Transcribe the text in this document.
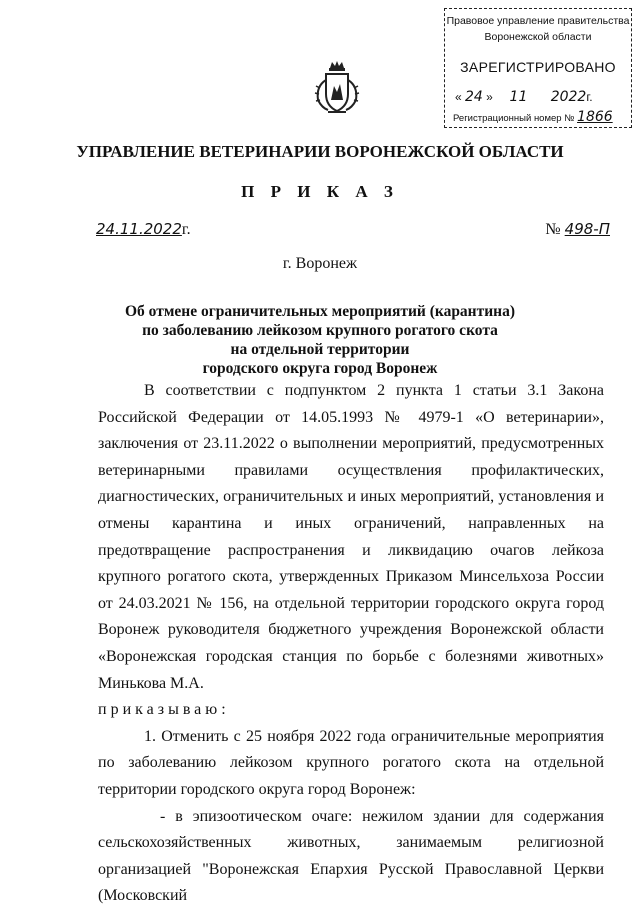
Правовое управление правительства
Воронежской области
ЗАРЕГИСТРИРОВАНО
« 24 »     11 2022г.
Регистрационный номер № 1866
УПРАВЛЕНИЕ ВЕТЕРИНАРИИ ВОРОНЕЖСКОЙ ОБЛАСТИ
П Р И К А З
24.11.2022г.	№ 498-П
г. Воронеж
Об отмене ограничительных мероприятий (карантина)
по заболеванию лейкозом крупного рогатого скота
на отдельной территории
городского округа город Воронеж

В соответствии с подпунктом 2 пункта 1 статьи 3.1 Закона Российской Федерации от 14.05.1993 № 4979-1 «О ветеринарии», заключения от 23.11.2022 о выполнении мероприятий, предусмотренных ветеринарными правилами осуществления профилактических, диагностических, ограничительных и иных мероприятий, установления и отмены карантина и иных ограничений, направленных на предотвращение распространения и ликвидацию очагов лейкоза крупного рогатого скота, утвержденных Приказом Минсельхоза России от 24.03.2021 № 156, на отдельной территории городского округа город Воронеж руководителя бюджетного учреждения Воронежской области «Воронежская городская станция по борьбе с болезнями животных» Минькова М.А.

приказываю:

1. Отменить с 25 ноября 2022 года ограничительные мероприятия по заболеванию лейкозом крупного рогатого скота на отдельной территории городского округа город Воронеж:

- в эпизоотическом очаге: нежилом здании для содержания сельскохозяйственных животных, занимаемым религиозной организацией "Воронежская Епархия Русской Православной Церкви (Московский
